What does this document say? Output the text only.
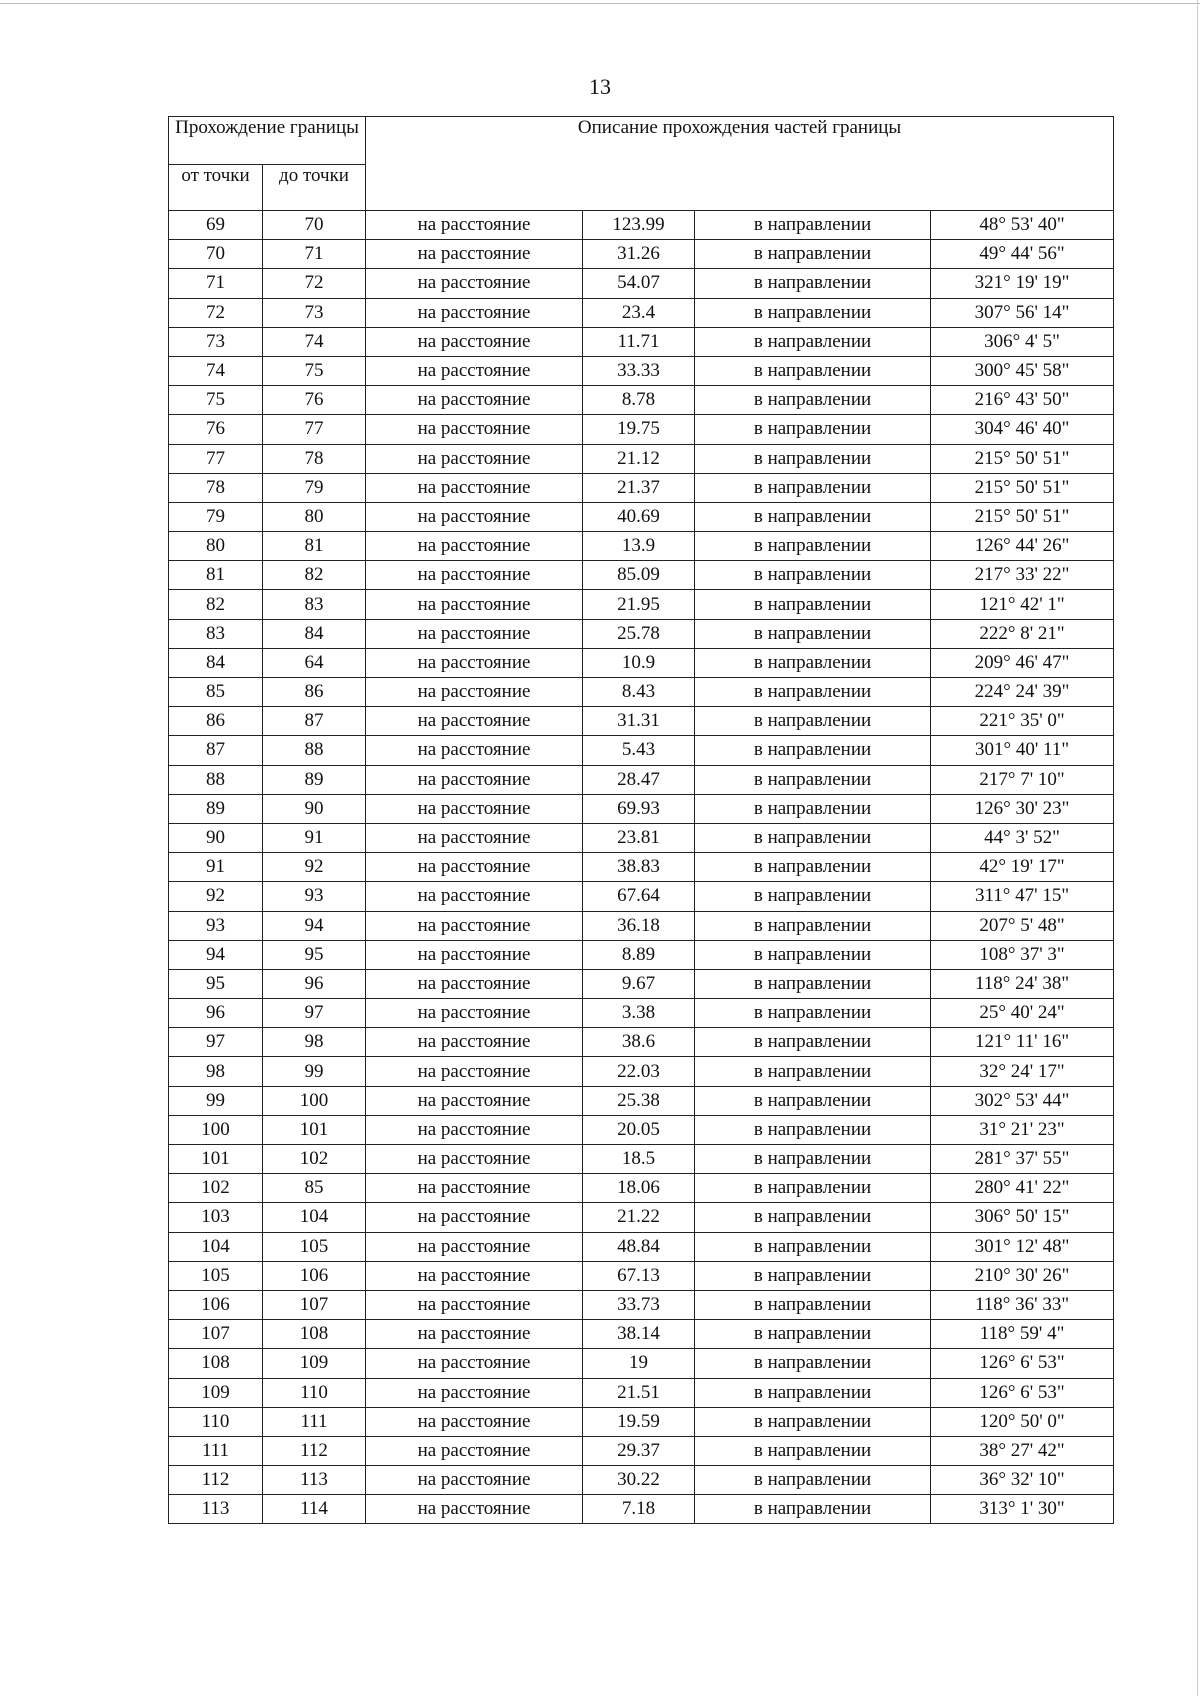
13
Прохождение границы		Описание прохождения частей границы			
от точки	до точки				
69	70	на расстояние	123.99	в направлении	48° 53' 40"
70	71	на расстояние	31.26	в направлении	49° 44' 56"
71	72	на расстояние	54.07	в направлении	321° 19' 19"
72	73	на расстояние	23.4	в направлении	307° 56' 14"
73	74	на расстояние	11.71	в направлении	306° 4' 5"
74	75	на расстояние	33.33	в направлении	300° 45' 58"
75	76	на расстояние	8.78	в направлении	216° 43' 50"
76	77	на расстояние	19.75	в направлении	304° 46' 40"
77	78	на расстояние	21.12	в направлении	215° 50' 51"
78	79	на расстояние	21.37	в направлении	215° 50' 51"
79	80	на расстояние	40.69	в направлении	215° 50' 51"
80	81	на расстояние	13.9	в направлении	126° 44' 26"
81	82	на расстояние	85.09	в направлении	217° 33' 22"
82	83	на расстояние	21.95	в направлении	121° 42' 1"
83	84	на расстояние	25.78	в направлении	222° 8' 21"
84	64	на расстояние	10.9	в направлении	209° 46' 47"
85	86	на расстояние	8.43	в направлении	224° 24' 39"
86	87	на расстояние	31.31	в направлении	221° 35' 0"
87	88	на расстояние	5.43	в направлении	301° 40' 11"
88	89	на расстояние	28.47	в направлении	217° 7' 10"
89	90	на расстояние	69.93	в направлении	126° 30' 23"
90	91	на расстояние	23.81	в направлении	44° 3' 52"
91	92	на расстояние	38.83	в направлении	42° 19' 17"
92	93	на расстояние	67.64	в направлении	311° 47' 15"
93	94	на расстояние	36.18	в направлении	207° 5' 48"
94	95	на расстояние	8.89	в направлении	108° 37' 3"
95	96	на расстояние	9.67	в направлении	118° 24' 38"
96	97	на расстояние	3.38	в направлении	25° 40' 24"
97	98	на расстояние	38.6	в направлении	121° 11' 16"
98	99	на расстояние	22.03	в направлении	32° 24' 17"
99	100	на расстояние	25.38	в направлении	302° 53' 44"
100	101	на расстояние	20.05	в направлении	31° 21' 23"
101	102	на расстояние	18.5	в направлении	281° 37' 55"
102	85	на расстояние	18.06	в направлении	280° 41' 22"
103	104	на расстояние	21.22	в направлении	306° 50' 15"
104	105	на расстояние	48.84	в направлении	301° 12' 48"
105	106	на расстояние	67.13	в направлении	210° 30' 26"
106	107	на расстояние	33.73	в направлении	118° 36' 33"
107	108	на расстояние	38.14	в направлении	118° 59' 4"
108	109	на расстояние	19	в направлении	126° 6' 53"
109	110	на расстояние	21.51	в направлении	126° 6' 53"
110	111	на расстояние	19.59	в направлении	120° 50' 0"
111	112	на расстояние	29.37	в направлении	38° 27' 42"
112	113	на расстояние	30.22	в направлении	36° 32' 10"
113	114	на расстояние	7.18	в направлении	313° 1' 30"
